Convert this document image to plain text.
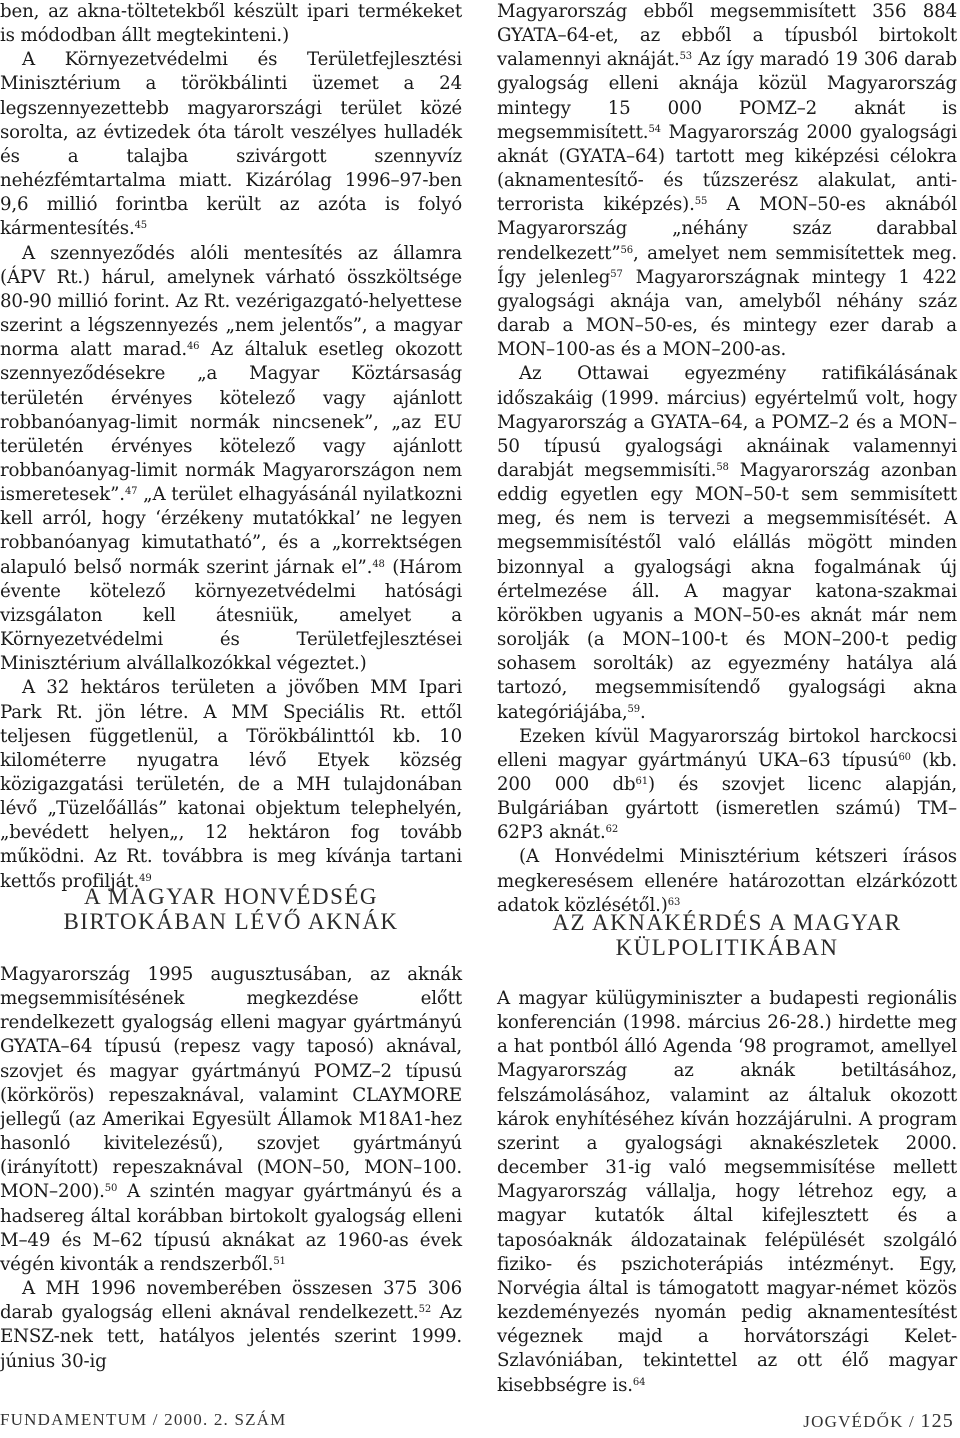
ben, az akna-töltetekből készült ipari termékeket is módodban állt megtekinteni.)

A Környezetvédelmi és Területfejlesztési Minisztérium a törökbálinti üzemet a 24 legszennyezettebb magyarországi terület közé sorolta, az évtizedek óta tárolt veszélyes hulladék és a talajba szivárgott szennyvíz nehézfémtartalma miatt. Kizárólag 1996–97-ben 9,6 millió forintba került az azóta is folyó kármentesítés.$^{45}$

A szennyeződés alóli mentesítés az államra (ÁPV Rt.) hárul, amelynek várható összköltsége 80-90 millió forint. Az Rt. vezérigazgató-helyettese szerint a légszennyezés „nem jelentős”, a magyar norma alatt marad.$^{46}$ Az általuk esetleg okozott szennyeződésekre „a Magyar Köztársaság területén érvényes kötelező vagy ajánlott robbanóanyag-limit normák nincsenek”, „az EU területén érvényes kötelező vagy ajánlott robbanóanyag-limit normák Magyarországon nem ismeretesek”.$^{47}$ „A terület elhagyásánál nyilatkozni kell arról, hogy ‘érzékeny mutatókkal’ ne legyen robbanóanyag kimutatható”, és a „korrektségen alapuló belső normák szerint járnak el”.$^{48}$ (Három évente kötelező környezetvédelmi hatósági vizsgálaton kell átesniük, amelyet a Környezetvédelmi és Területfejlesztései Minisztérium alvállalkozókkal végeztet.)

A 32 hektáros területen a jövőben MM Ipari Park Rt. jön létre. A MM Speciális Rt. ettől teljesen függetlenül, a Törökbálinttól kb. 10 kilométerre nyugatra lévő Etyek község közigazgatási területén, de a MH tulajdonában lévő „Tüzelőállás” katonai objektum telephelyén, „bevédett helyen„, 12 hektáron fog tovább működni. Az Rt. továbbra is meg kívánja tartani kettős profilját.$^{49}$

A MAGYAR HONVÉDSÉG BIRTOKÁBAN LÉVŐ AKNÁK

Magyarország 1995 augusztusában, az aknák megsemmisítésének megkezdése előtt rendelkezett gyalogság elleni magyar gyártmányú GYATA–64 típusú (repesz vagy taposó) aknával, szovjet és magyar gyártmányú POMZ–2 típusú (körkörös) repeszaknával, valamint CLAYMORE jellegű (az Amerikai Egyesült Államok M18A1-hez hasonló kivitelezésű), szovjet gyártmányú (irányított) repeszaknával (MON–50, MON–100. MON–200).$^{50}$ A szintén magyar gyártmányú és a hadsereg által korábban birtokolt gyalogság elleni M–49 és M–62 típusú aknákat az 1960-as évek végén kivonták a rendszerből.$^{51}$

A MH 1996 novemberében összesen 375 306 darab gyalogság elleni aknával rendelkezett.$^{52}$ Az ENSZ-nek tett, hatályos jelentés szerint 1999. június 30-ig

Magyarország ebből megsemmisített 356 884 GYATA–64-et, az ebből a típusból birtokolt valamennyi aknáját.$^{53}$ Az így maradó 19 306 darab gyalogság elleni aknája közül Magyarország mintegy 15 000 POMZ–2 aknát is megsemmisített.$^{54}$ Magyarország 2000 gyalogsági aknát (GYATA–64) tartott meg kiképzési célokra (aknamentesítő- és tűzszerész alakulat, anti-terrorista kiképzés).$^{55}$ A MON–50-es aknából Magyarország „néhány száz darabbal rendelkezett”$^{56}$, amelyet nem semmisítettek meg. Így jelenleg$^{57}$ Magyarországnak mintegy 1 422 gyalogsági aknája van, amelyből néhány száz darab a MON–50-es, és mintegy ezer darab a MON–100-as és a MON–200-as.

Az Ottawai egyezmény ratifikálásának időszakáig (1999. március) egyértelmű volt, hogy Magyarország a GYATA–64, a POMZ–2 és a MON–50 típusú gyalogsági aknáinak valamennyi darabját megsemmisíti.$^{58}$ Magyarország azonban eddig egyetlen egy MON–50-t sem semmisített meg, és nem is tervezi a megsemmisítését. A megsemmisítéstől való elállás mögött minden bizonnyal a gyalogsági akna fogalmának új értelmezése áll. A magyar katona-szakmai körökben ugyanis a MON–50-es aknát már nem sorolják (a MON–100-t és MON–200-t pedig sohasem sorolták) az egyezmény hatálya alá tartozó, megsemmisítendő gyalogsági akna kategóriájába,$^{59}$.

Ezeken kívül Magyarország birtokol harckocsi elleni magyar gyártmányú UKA–63 típusú$^{60}$ (kb. 200 000 $db^{61}$) és szovjet licenc alapján, Bulgáriában gyártott (ismeretlen számú) TM–62P3 aknát.$^{62}$

(A Honvédelmi Minisztérium kétszeri írásos megkeresésem ellenére határozottan elzárkózott adatok közlésétől.)$^{63}$

AZ AKNAKÉRDÉS A MAGYAR KÜLPOLITIKÁBAN

A magyar külügyminiszter a budapesti regionális konferencián (1998. március 26-28.) hirdette meg a hat pontból álló Agenda ‘98 programot, amellyel Magyarország az aknák betiltásához, felszámolásához, valamint az általuk okozott károk enyhítéséhez kíván hozzájárulni. A program szerint a gyalogsági aknakészletek 2000. december 31-ig való megsemmisítése mellett Magyarország vállalja, hogy létrehoz egy, a magyar kutatók által kifejlesztett és a taposóaknák áldozatainak felépülését szolgáló fiziko- és pszichoterápiás intézményt. Egy, Norvégia által is támogatott magyar-német közös kezdeményezés nyomán pedig aknamentesítést végeznek majd a horvátországi Kelet-Szlavóniában, tekintettel az ott élő magyar kisebbségre is.$^{64}$

FUNDAMENTUM / 2000. 2. SZÁM	JOGVÉDŐK / 125
